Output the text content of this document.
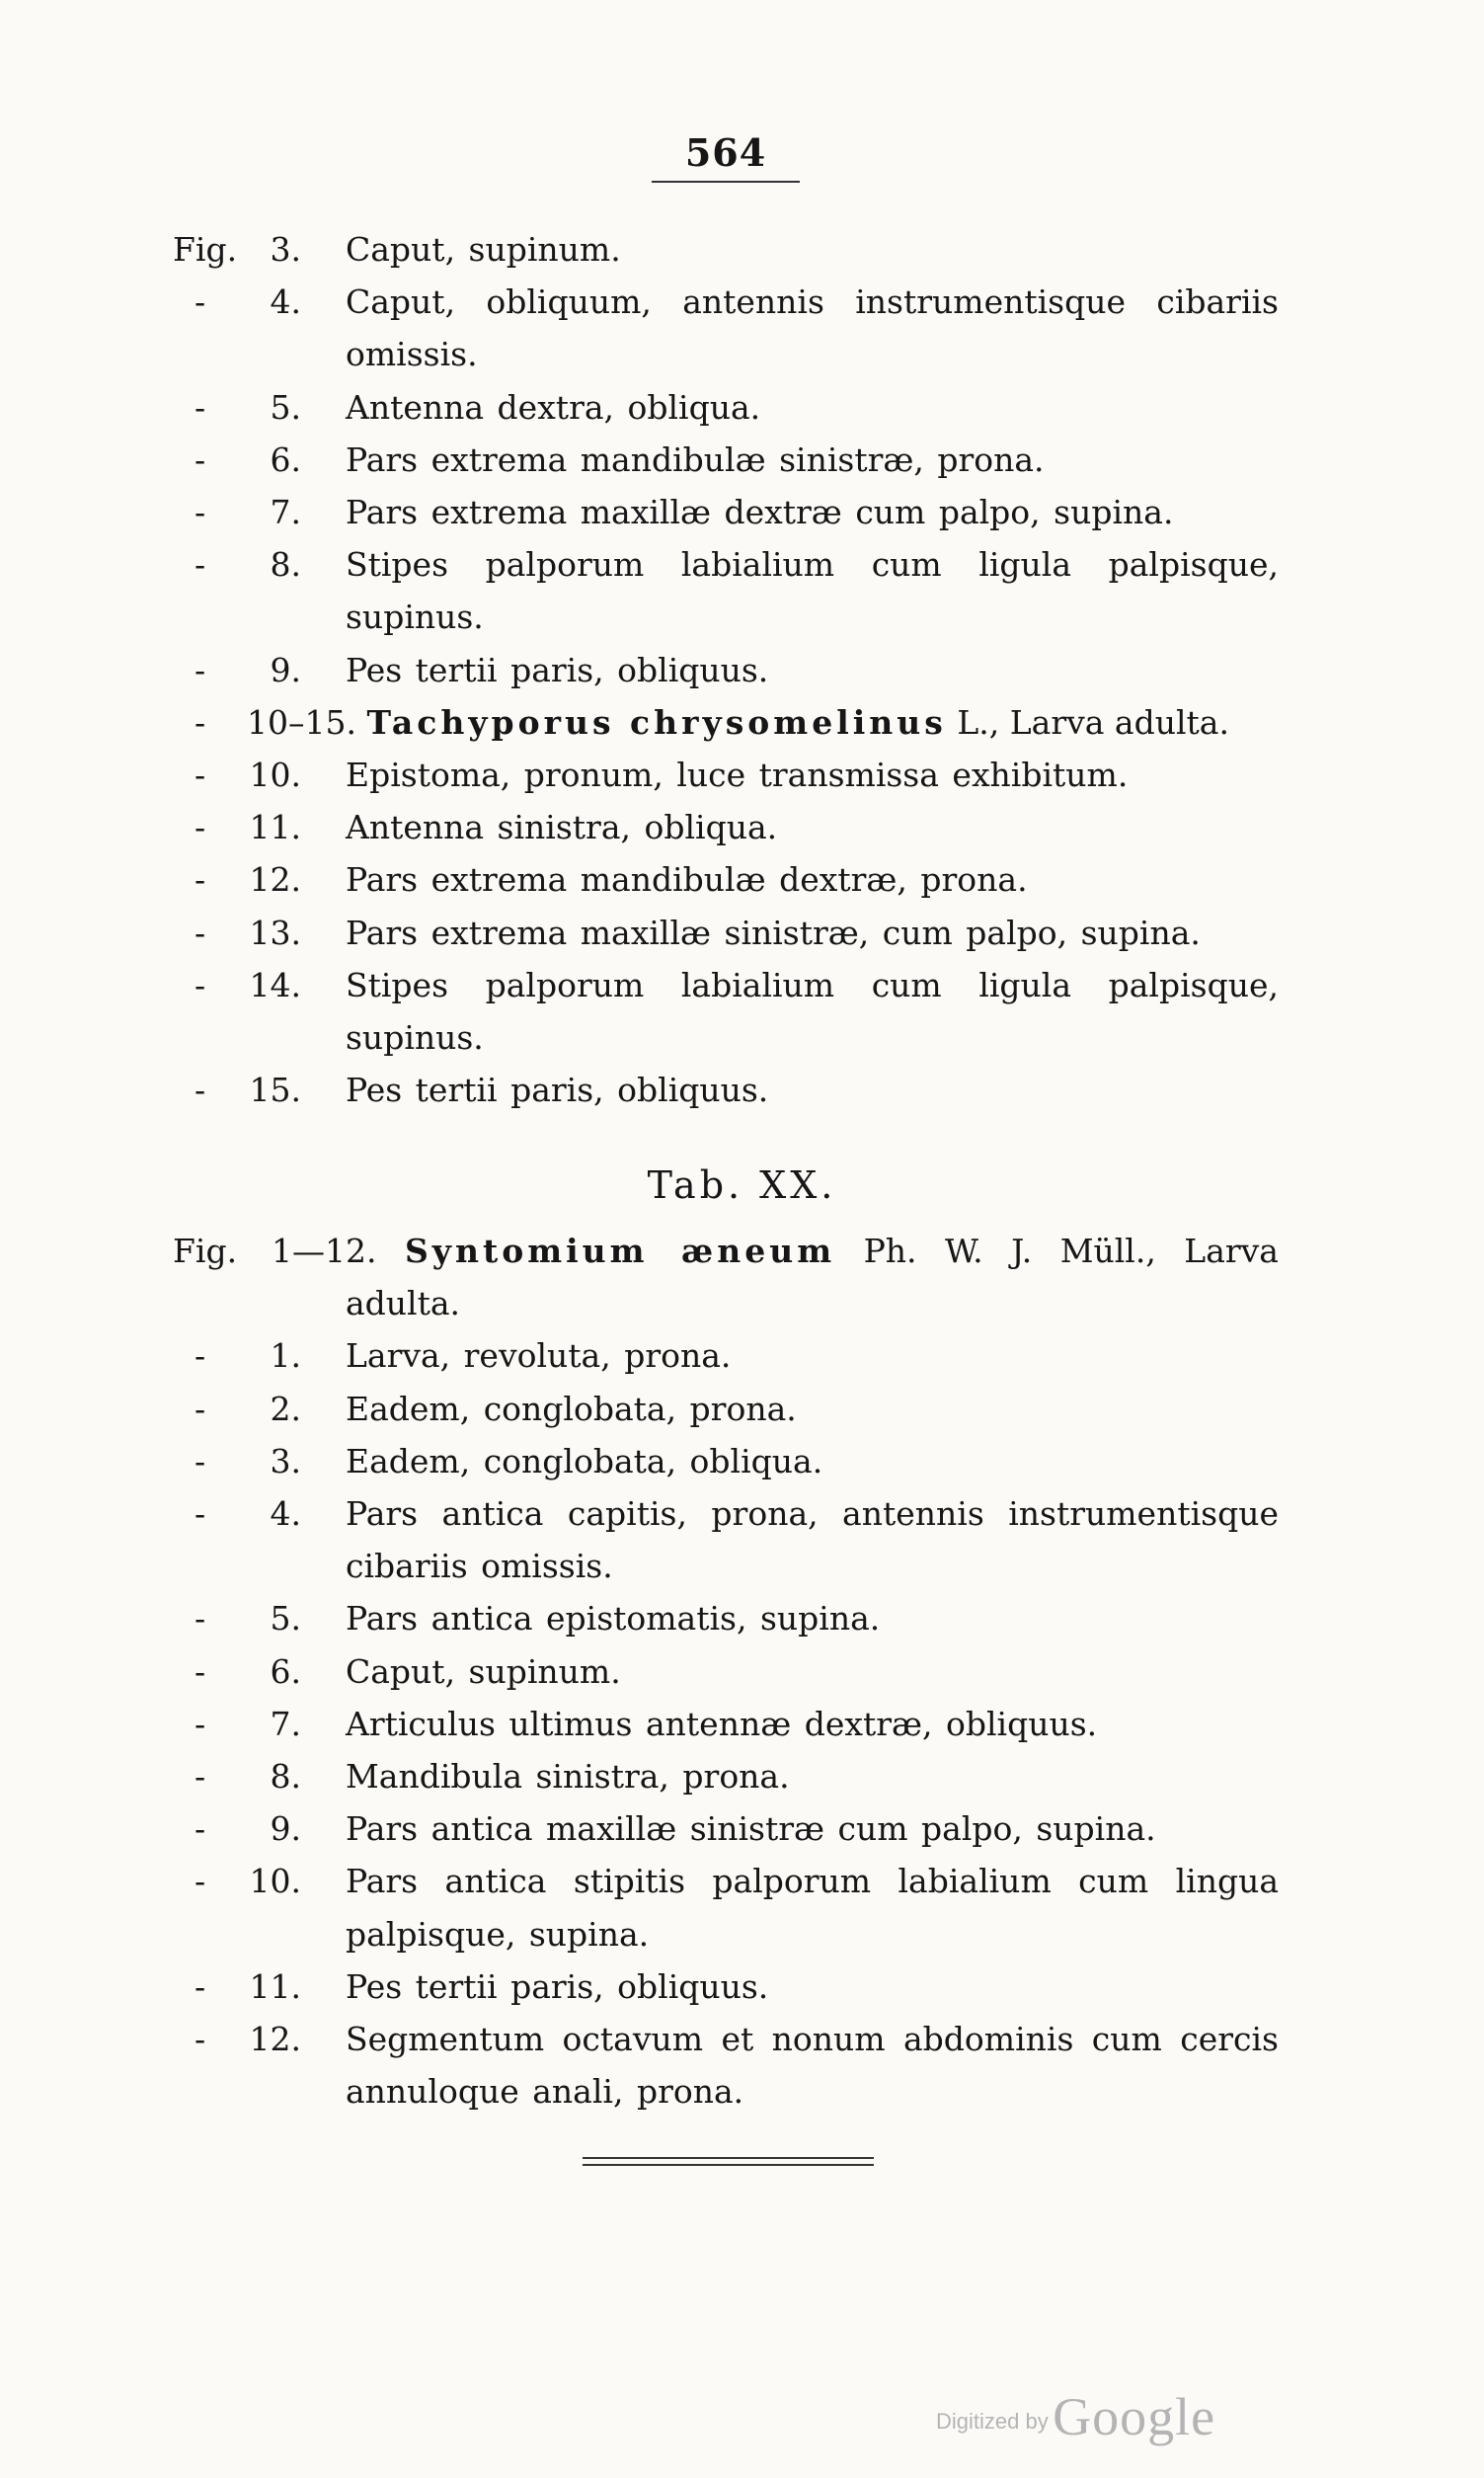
564
Fig. 3. Caput, supinum.
- 4. Caput, obliquum, antennis instrumentisque cibariis
omissis.
- 5. Antenna dextra, obliqua.
- 6. Pars extrema mandibulæ sinistræ, prona.
- 7. Pars extrema maxillæ dextræ cum palpo, supina.
- 8. Stipes palporum labialium cum ligula palpisque,
supinus.
- 9. Pes tertii paris, obliquus.
- 10–15. Tachyporus chrysomelinus L., Larva adulta.
- 10. Epistoma, pronum, luce transmissa exhibitum.
- 11. Antenna sinistra, obliqua.
- 12. Pars extrema mandibulæ dextræ, prona.
- 13. Pars extrema maxillæ sinistræ, cum palpo, supina.
- 14. Stipes palporum labialium cum ligula palpisque,
supinus.
- 15. Pes tertii paris, obliquus.
Tab. XX.
Fig. 1—12. Syntomium æneum Ph. W. J. Müll., Larva
adulta.
- 1. Larva, revoluta, prona.
- 2. Eadem, conglobata, prona.
- 3. Eadem, conglobata, obliqua.
- 4. Pars antica capitis, prona, antennis instrumentisque
cibariis omissis.
- 5. Pars antica epistomatis, supina.
- 6. Caput, supinum.
- 7. Articulus ultimus antennæ dextræ, obliquus.
- 8. Mandibula sinistra, prona.
- 9. Pars antica maxillæ sinistræ cum palpo, supina.
- 10. Pars antica stipitis palporum labialium cum lingua
palpisque, supina.
- 11. Pes tertii paris, obliquus.
- 12. Segmentum octavum et nonum abdominis cum cercis
annuloque anali, prona.
Digitized by Google
